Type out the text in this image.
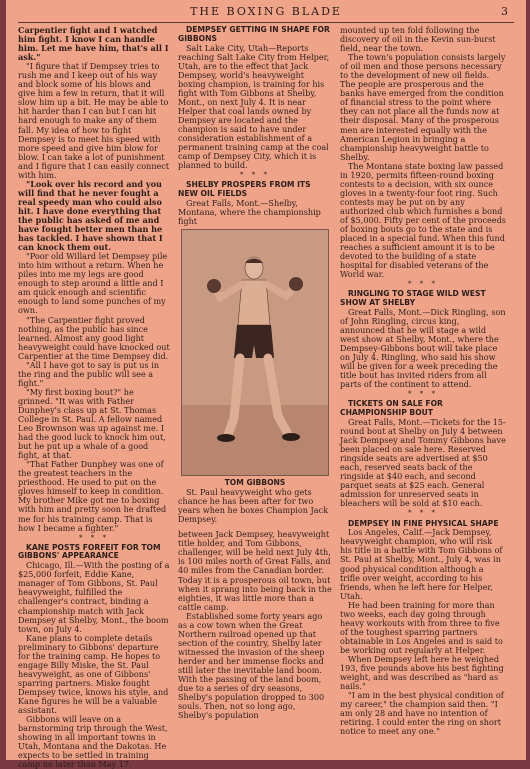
THE BOXING BLADE	3

Carpentier fight and I watched him fight. I know I can handle him. Let me have him, that's all I ask."

"I figure that if Dempsey tries to rush me and I keep out of his way and block some of his blows and give him a few in return, that it will slow him up a bit. He may be able to hit harder than I can but I can hit hard enough to make any of them fall. My idea of how to fight Dempsey is to meet his speed with more speed and give him blow for blow. I can take a lot of punishment and I figure that I can easily connect with him.

"Look over his record and you will find that he never fought a real speedy man who could also hit. I have done everything that the public has asked of me and have fought better men than he has tackled. I have shown that I can knock them out.

"Poor old Willard let Dempsey pile into him without a return. When he piles into me my legs are good enough to step around a little and I am quick enough and scientific enough to land some punches of my own.

"The Carpentier fight proved nothing, as the public has since learned. Almost any good light heavyweight could have knocked out Carpentier at the time Dempsey did.

"All I have got to say is put us in the ring and the public will see a fight."

"My first boxing bout?" he grinned. "It was with Father Dunphey's class up at St. Thomas College in St. Paul. A fellow named Leo Brownson was up against me. I had the good luck to knock him out, but he put up a whale of a good fight, at that.

"That Father Dunphey was one of the greatest teachers in the priesthood. He used to put on the gloves himself to keep in condition. My brother Mike got me to boxing with him and pretty soon he drafted me for his training camp. That is how I became a fighter."

* * *

KANE POSTS FORFEIT FOR TOM GIBBONS' APPEARANCE

Chicago, Ill.—With the posting of a $25,000 forfeit, Eddie Kane, manager of Tom Gibbons, St. Paul heavyweight, fulfilled the challenger's contract, binding a championship match with Jack Dempsey at Shelby, Mont., the boom town, on July 4.

Kane plans to complete details preliminary to Gibbons' departure for the training camp. He hopes to engage Billy Miske, the St. Paul heavyweight, as one of Gibbons' sparring partners. Miske fought Dempsey twice, knows his style, and Kane figures he will be a valuable assistant.

Gibbons will leave on a barnstorming trip through the West, showing in all important towns in Utah, Montana and the Dakotas. He expects to be settled in training camp no later than May 17.

DEMPSEY GETTING IN SHAPE FOR GIBBONS

Salt Lake City, Utah—Reports reaching Salt Lake City from Helper, Utah, are to the effect that Jack Dempsey, world's heavyweight boxing champion, is training for his fight with Tom Gibbons at Shelby, Mont., on next July 4. It is near Helper that coal lands owned by Dempsey are located and the champion is said to have under consideration establishment of a permanent training camp at the coal camp of Dempsey City, which it is planned to build.

* * *

SHELBY PROSPERS FROM ITS NEW OIL FIELDS

Great Falls, Mont.—Shelby, Montana, where the championship fight

TOM GIBBONS

St. Paul heavyweight who gets chance he has been after for two years when he boxes Champion Jack Dempsey.

between Jack Dempsey, heavyweight title holder, and Tom Gibbons, challenger, will be held next July 4th, is 100 miles north of Great Falls, and 40 miles from the Canadian border. Today it is a prosperous oil town, but when it sprang into being back in the eighties, it was little more than a cattle camp.

Established some forty years ago as a cow town when the Great Northern railroad opened up that section of the country, Shelby later witnessed the invasion of the sheep herder and her immense flocks and still later the inevitable land boom. With the passing of the land boom, due to a series of dry seasons, Shelby's population dropped to 300 souls. Then, not so long ago, Shelby's population

mounted up ten fold following the discovery of oil in the Kevin sun-burst field, near the town.

The town's population consists largely of oil men and those persons necessary to the development of new oil fields. The people are prosperous and the banks have emerged from the condition of financial stress to the point where they can not place all the funds now at their disposal. Many of the prosperous men are interested equally with the American Legion in bringing a championship heavyweight battle to Shelby.

The Montana state boxing law passed in 1920, permits fifteen-round boxing contests to a decision, with six ounce gloves in a twenty-four foot ring. Such contests may be put on by any authorized club which furnishes a bond of $5,000. Fifty per cent of the proceeds of boxing bouts go to the state and is placed in a special fund. When this fund reaches a sufficient amount it is to be devoted to the building of a state hospital for disabled veterans of the World war.

* * *

RINGLING TO STAGE WILD WEST SHOW AT SHELBY

Great Falls, Mont.—Dick Ringling, son of John Ringling, circus king, announced that he will stage a wild west show at Shelby, Mont., where the Dempsey-Gibbons bout will take place on July 4. Ringling, who said his show will be given for a week preceding the title bout has invited riders from all parts of the continent to attend.

* * *

TICKETS ON SALE FOR CHAMPIONSHIP BOUT

Great Falls, Mont.—Tickets for the 15-round bout at Shelby on July 4 between Jack Dempsey and Tommy Gibbons have been placed on sale here. Reserved ringside seats are advertised at $50 each, reserved seats back of the ringside at $40 each, and second parquet seats at $25 each. General admission for unreserved seats in bleachers will be sold at $10 each.

* * *

DEMPSEY IN FINE PHYSICAL SHAPE

Los Angeles, Calif.—Jack Dempsey, heavyweight champion, who will risk his title in a battle with Tom Gibbons of St. Paul at Shelby, Mont., July 4, was in good physical condition although a trifle over weight, according to his friends, when he left here for Helper, Utah.

He had been training for more than two weeks, each day going through heavy workouts with from three to five of the toughest sparring partners obtainable in Los Angeles and is said to be working out regularly at Helper.

When Dempsey left here he weighed 193, five pounds above his best fighting weight, and was described as "hard as nails."

"I am in the best physical condition of my career," the champion said then. "I am only 28 and have no intention of retiring. I could enter the ring on short notice to meet any one."
